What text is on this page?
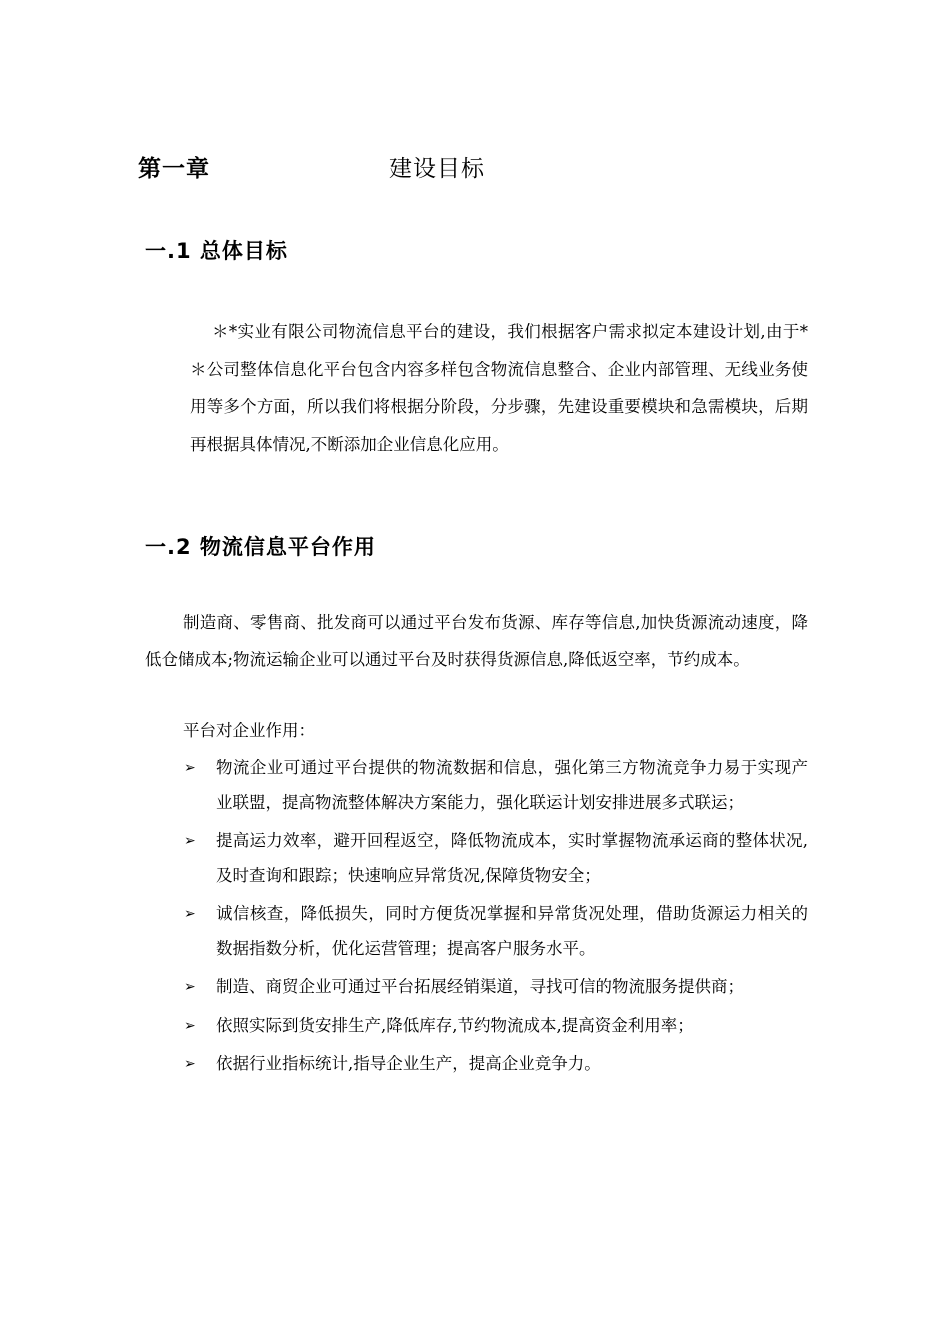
第一章	建设目标
一.1 总体目标

＊*实业有限公司物流信息平台的建设，我们根据客户需求拟定本建设计划,由于*＊公司整体信息化平台包含内容多样包含物流信息整合、企业内部管理、无线业务使用等多个方面，所以我们将根据分阶段，分步骤，先建设重要模块和急需模块，后期再根据具体情况,不断添加企业信息化应用。

一.2 物流信息平台作用

制造商、零售商、批发商可以通过平台发布货源、库存等信息,加快货源流动速度，降低仓储成本;物流运输企业可以通过平台及时获得货源信息,降低返空率，节约成本。

平台对企业作用：
➢ 物流企业可通过平台提供的物流数据和信息，强化第三方物流竞争力易于实现产业联盟，提高物流整体解决方案能力，强化联运计划安排进展多式联运；
➢ 提高运力效率，避开回程返空，降低物流成本，实时掌握物流承运商的整体状况,及时查询和跟踪；快速响应异常货况,保障货物安全；
➢ 诚信核查，降低损失，同时方便货况掌握和异常货况处理，借助货源运力相关的数据指数分析，优化运营管理；提高客户服务水平。
➢ 制造、商贸企业可通过平台拓展经销渠道，寻找可信的物流服务提供商；
➢ 依照实际到货安排生产,降低库存,节约物流成本,提高资金利用率；
➢ 依据行业指标统计,指导企业生产，提高企业竞争力。
